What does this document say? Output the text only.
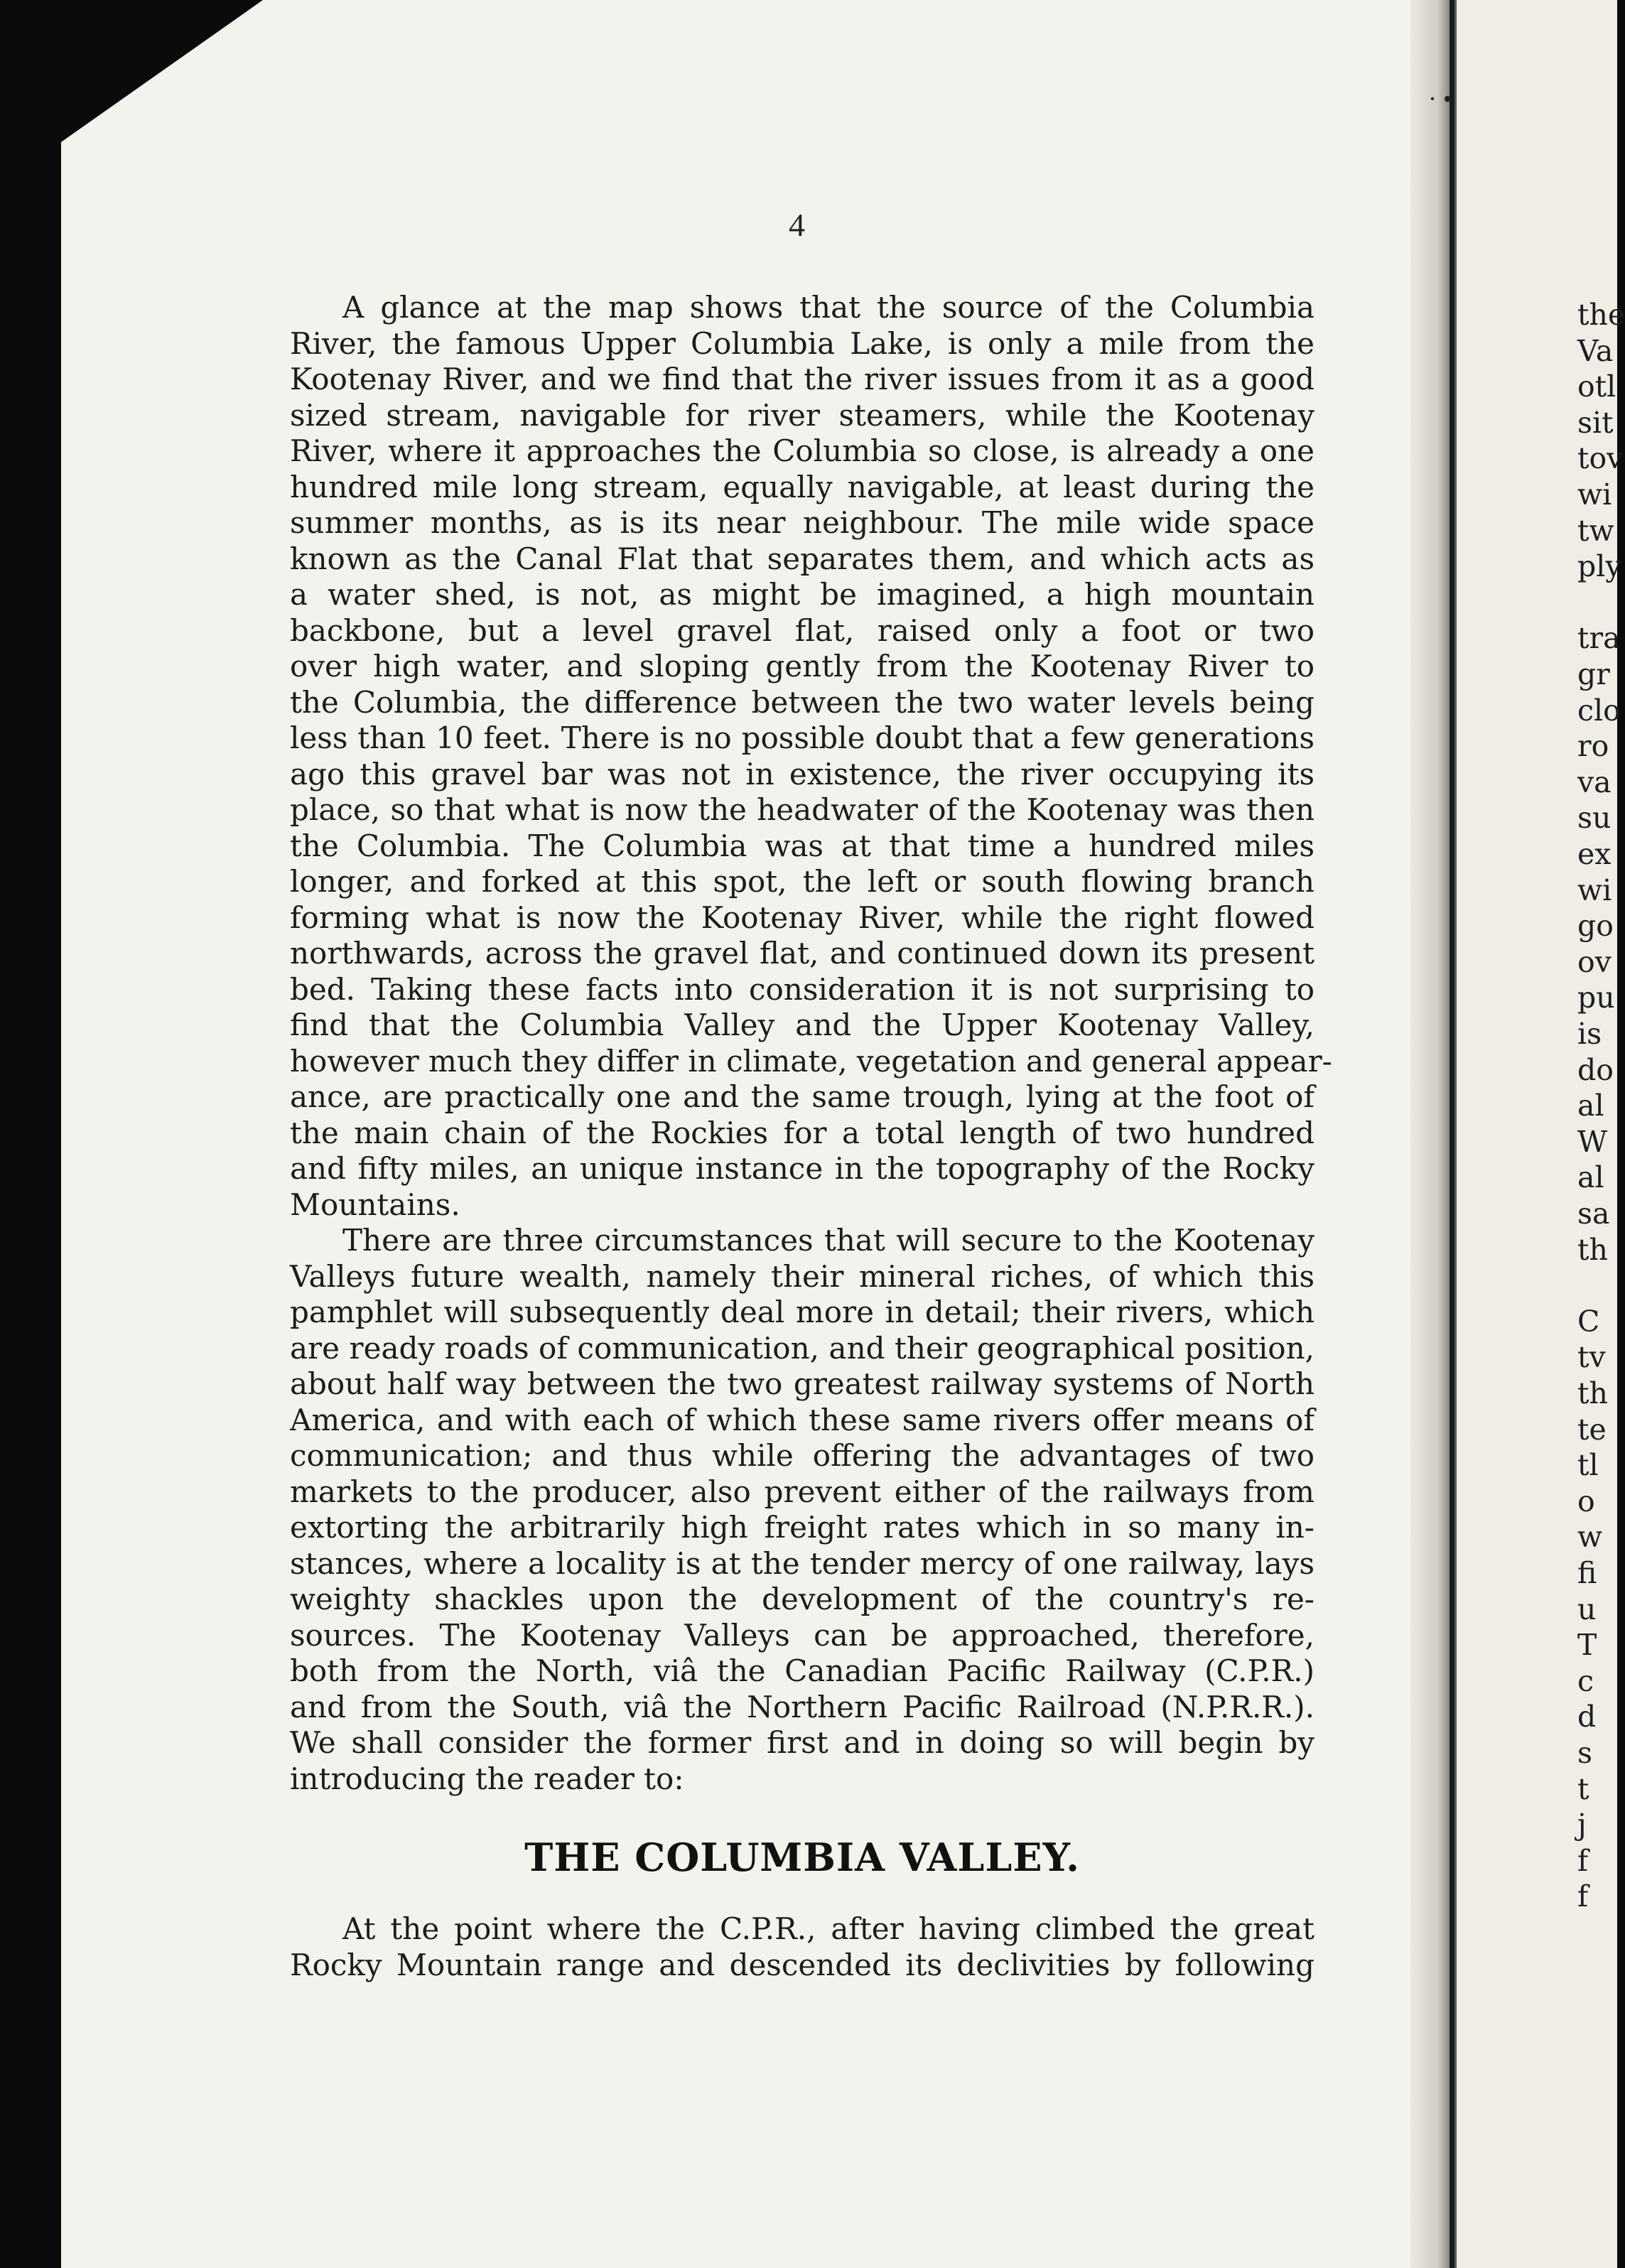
the
Va
otl
sit
tov
wi
tw
ply
tra
gr
clo
ro
va
su
ex
wi
go
ov
pu
is
do
al
W
al
sa
th
C
tv
th
te
tl
o
w
fi
u
T
c
d
s
t
j
f
f
· •
4
A glance at the map shows that the source of the Columbia
River, the famous Upper Columbia Lake, is only a mile from the
Kootenay River, and we find that the river issues from it as a good
sized stream, navigable for river steamers, while the Kootenay
River, where it approaches the Columbia so close, is already a one
hundred mile long stream, equally navigable, at least during the
summer months, as is its near neighbour. The mile wide space
known as the Canal Flat that separates them, and which acts as
a water shed, is not, as might be imagined, a high mountain
backbone, but a level gravel flat, raised only a foot or two
over high water, and sloping gently from the Kootenay River to
the Columbia, the difference between the two water levels being
less than 10 feet. There is no possible doubt that a few generations
ago this gravel bar was not in existence, the river occupying its
place, so that what is now the headwater of the Kootenay was then
the Columbia. The Columbia was at that time a hundred miles
longer, and forked at this spot, the left or south flowing branch
forming what is now the Kootenay River, while the right flowed
northwards, across the gravel flat, and continued down its present
bed. Taking these facts into consideration it is not surprising to
find that the Columbia Valley and the Upper Kootenay Valley,
however much they differ in climate, vegetation and general appear-
ance, are practically one and the same trough, lying at the foot of
the main chain of the Rockies for a total length of two hundred
and fifty miles, an unique instance in the topography of the Rocky
Mountains.
There are three circumstances that will secure to the Kootenay
Valleys future wealth, namely their mineral riches, of which this
pamphlet will subsequently deal more in detail; their rivers, which
are ready roads of communication, and their geographical position,
about half way between the two greatest railway systems of North
America, and with each of which these same rivers offer means of
communication; and thus while offering the advantages of two
markets to the producer, also prevent either of the railways from
extorting the arbitrarily high freight rates which in so many in-
stances, where a locality is at the tender mercy of one railway, lays
weighty shackles upon the development of the country's re-
sources. The Kootenay Valleys can be approached, therefore,
both from the North, viâ the Canadian Pacific Railway (C.P.R.)
and from the South, viâ the Northern Pacific Railroad (N.P.R.R.).
We shall consider the former first and in doing so will begin by
introducing the reader to:
THE COLUMBIA VALLEY.
At the point where the C.P.R., after having climbed the great
Rocky Mountain range and descended its declivities by following
